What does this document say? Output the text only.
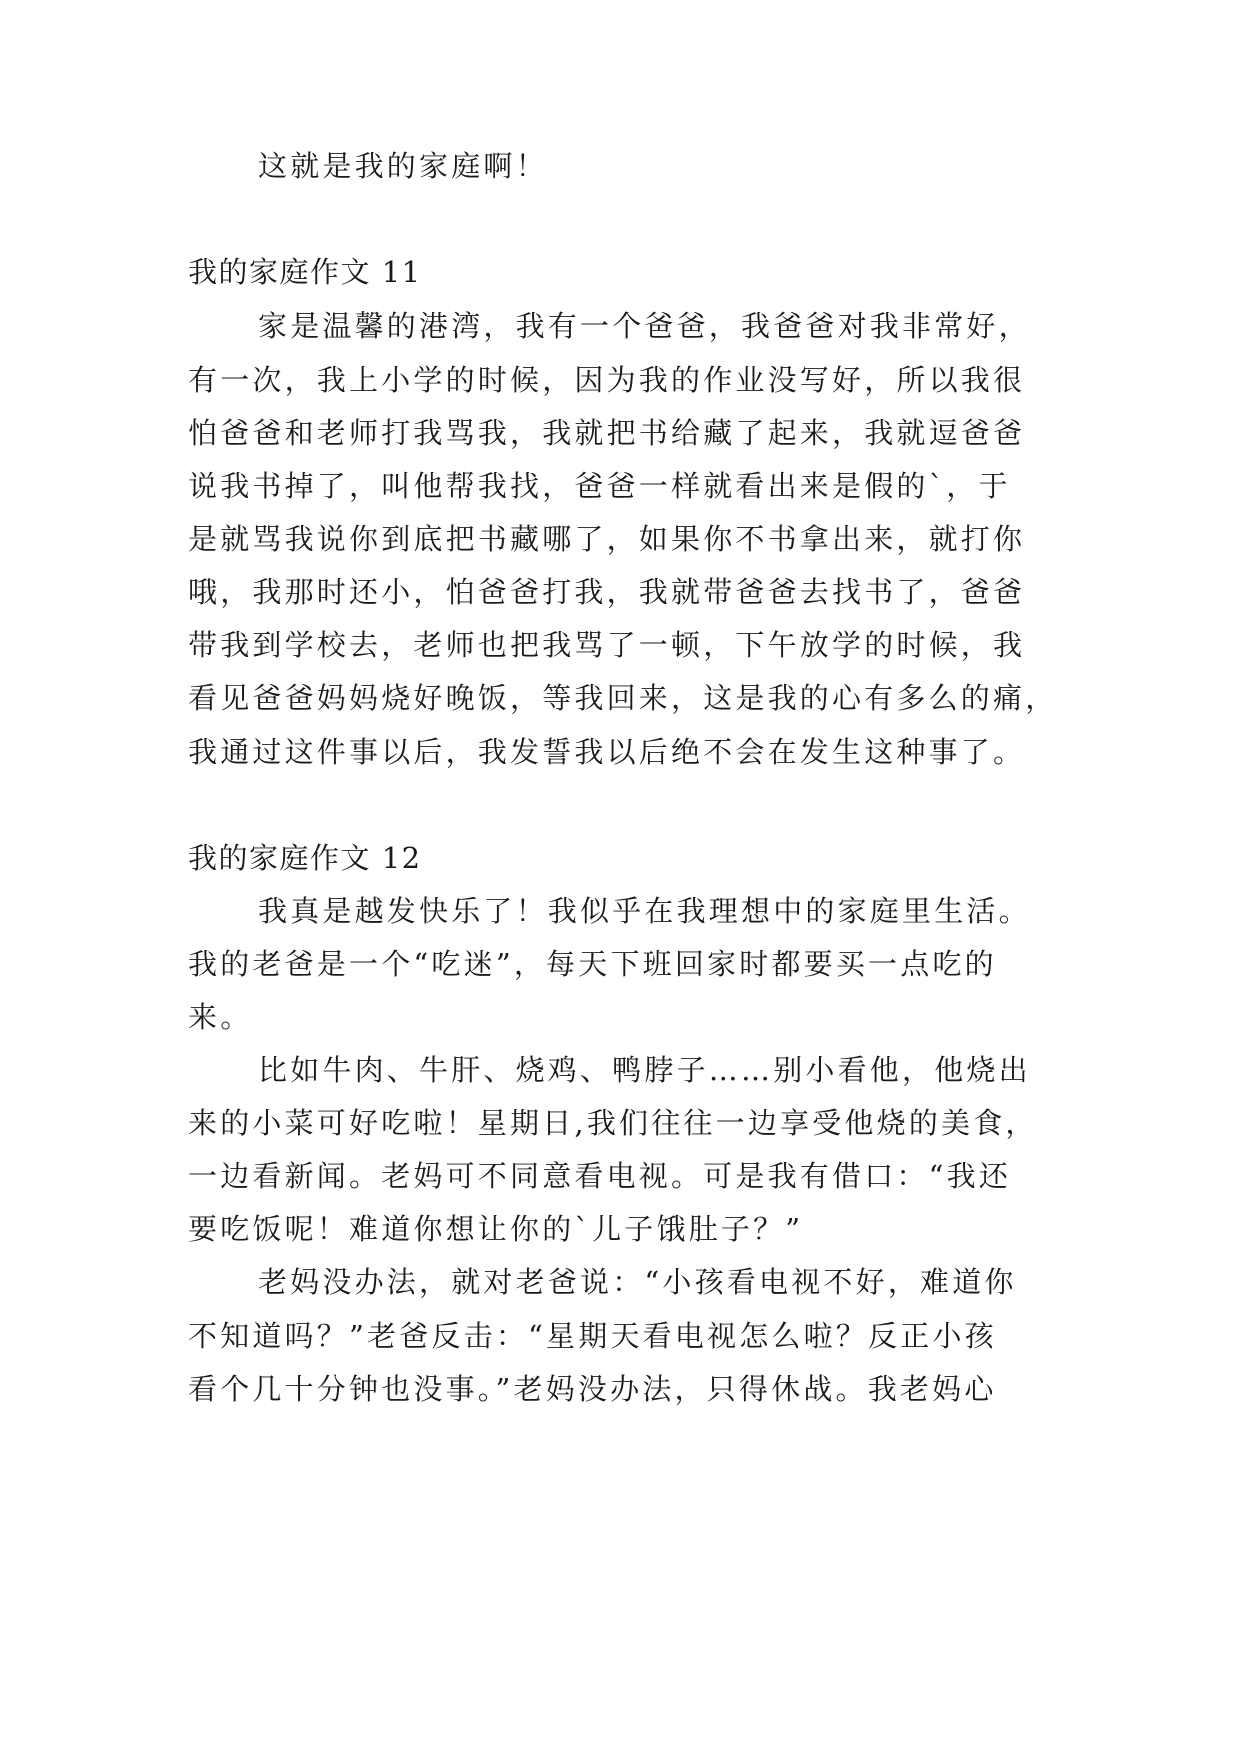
这就是我的家庭啊！
我的家庭作文 11
家是温馨的港湾，我有一个爸爸，我爸爸对我非常好，
有一次，我上小学的时候，因为我的作业没写好，所以我很
怕爸爸和老师打我骂我，我就把书给藏了起来，我就逗爸爸
说我书掉了，叫他帮我找，爸爸一样就看出来是假的`，于
是就骂我说你到底把书藏哪了，如果你不书拿出来，就打你
哦，我那时还小，怕爸爸打我，我就带爸爸去找书了，爸爸
带我到学校去，老师也把我骂了一顿，下午放学的时候，我
看见爸爸妈妈烧好晚饭，等我回来，这是我的心有多么的痛，
我通过这件事以后，我发誓我以后绝不会在发生这种事了。
我的家庭作文 12
我真是越发快乐了！我似乎在我理想中的家庭里生活。
我的老爸是一个“吃迷”，每天下班回家时都要买一点吃的
来。
比如牛肉、牛肝、烧鸡、鸭脖子……别小看他，他烧出
来的小菜可好吃啦！星期日,我们往往一边享受他烧的美食，
一边看新闻。老妈可不同意看电视。可是我有借口：“我还
要吃饭呢！难道你想让你的`儿子饿肚子？”
老妈没办法，就对老爸说：“小孩看电视不好，难道你
不知道吗？”老爸反击：“星期天看电视怎么啦？反正小孩
看个几十分钟也没事。”老妈没办法，只得休战。我老妈心
